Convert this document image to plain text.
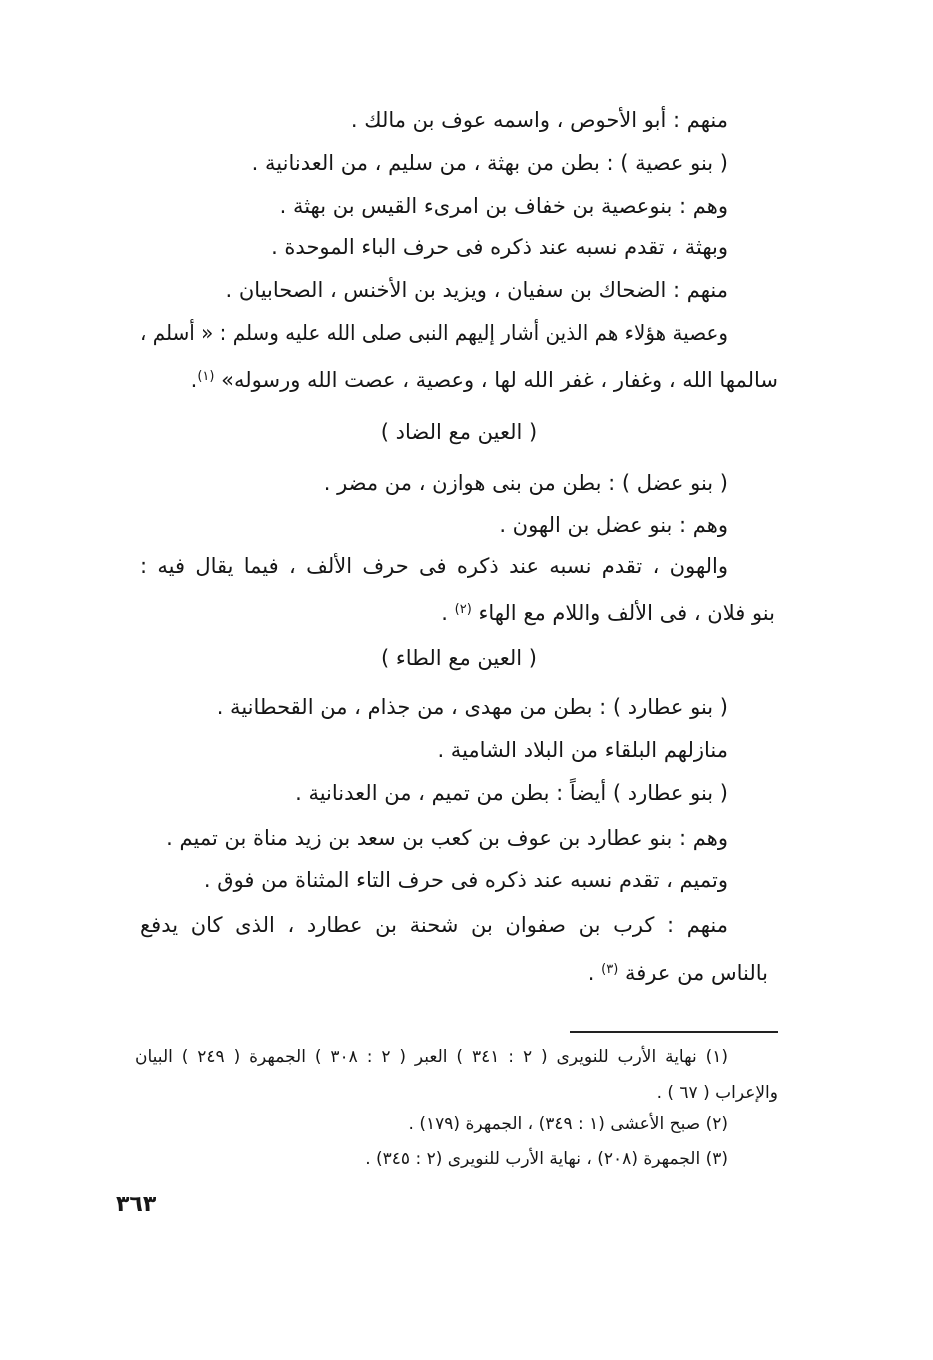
منهم : أبو الأحوص ، واسمه عوف بن مالك .
( بنو عصية ) : بطن من بهثة ، من سليم ، من العدنانية .
وهم : بنوعصية بن خفاف بن امرىء القيس بن بهثة .
وبهثة ، تقدم نسبه عند ذكره فى حرف الباء الموحدة .
منهم : الضحاك بن سفيان ، ويزيد بن الأخنس ، الصحابيان .
وعصية هؤلاء هم الذين أشار إليهم النبى صلى الله عليه وسلم : « أسلم ،
سالمها الله ، وغفار ، غفر الله لها ، وعصية ، عصت الله ورسوله» $^{(١)}$.
( العين مع الضاد )
( بنو عضل ) : بطن من بنى هوازن ، من مضر .
وهم : بنو عضل بن الهون .
والهون ، تقدم نسبه عند ذكره فى حرف الألف ، فيما يقال فيه :
بنو فلان ، فى الألف واللام مع الهاء $^{(٢)}$ .
( العين مع الطاء )
( بنو عطارد ) : بطن من مهدى ، من جذام ، من القحطانية .
منازلهم البلقاء من البلاد الشامية .
( بنو عطارد ) أيضاً : بطن من تميم ، من العدنانية .
وهم : بنو عطارد بن عوف بن كعب بن سعد بن زيد مناة بن تميم .
وتميم ، تقدم نسبه عند ذكره فى حرف التاء المثناة من فوق .
منهم : كرب بن صفوان بن شحنة بن عطارد ، الذى كان يدفع
بالناس من عرفة $^{(٣)}$ .
(١) نهاية الأرب للنويرى ( ٢ : ٣٤١ ) العبر ( ٢ : ٣٠٨ ) الجمهرة ( ٢٤٩ ) البيان
والإعراب ( ٦٧ ) .
(٢) صبح الأعشى (١ : ٣٤٩) ، الجمهرة (١٧٩) .
(٣) الجمهرة (٢٠٨) ، نهاية الأرب للنويرى (٢ : ٣٤٥) .
٣٦٣
